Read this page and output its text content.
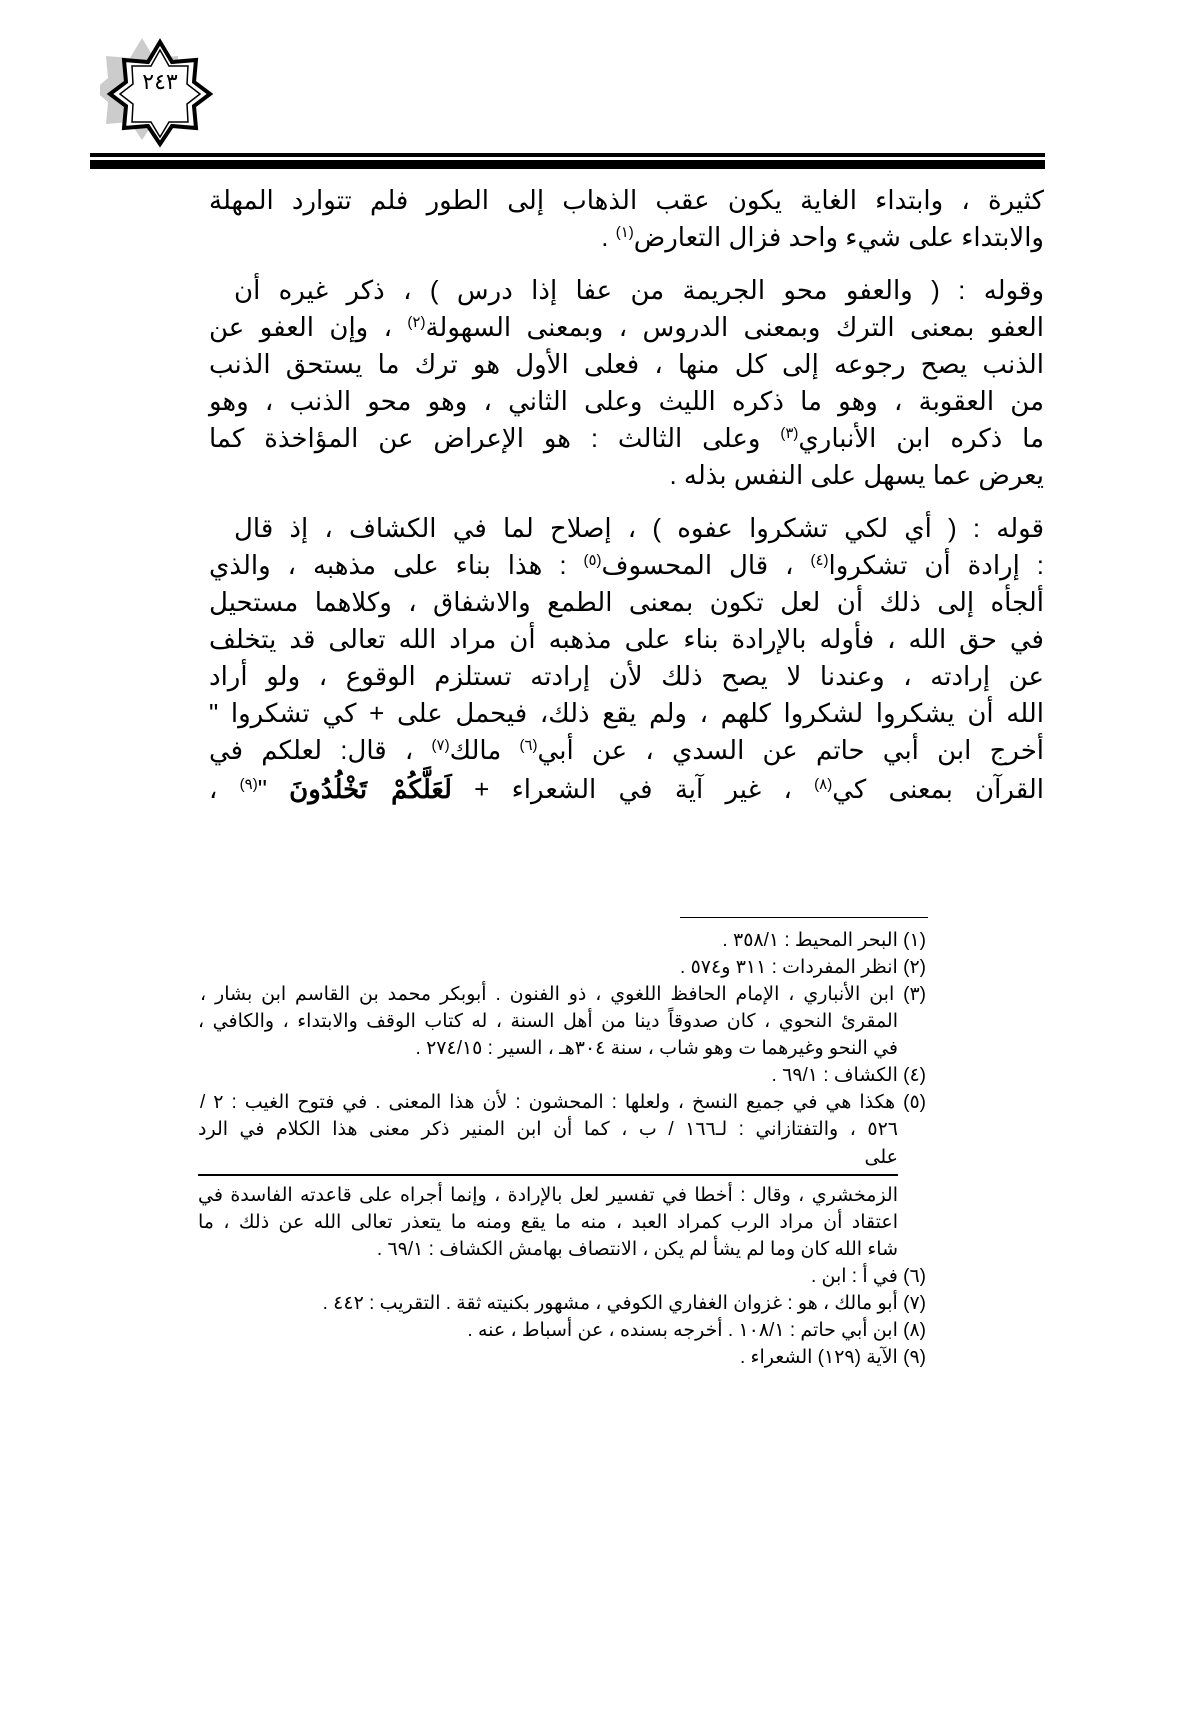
٢٤٣
كثيرة ، وابتداء الغاية يكون عقب الذهاب إلى الطور فلم تتوارد المهلة
والابتداء على شيء واحد فزال التعارض$^{(١)}$ .
وقوله : ( والعفو محو الجريمة من عفا إذا درس ) ، ذكر غيره أن
العفو بمعنى الترك وبمعنى الدروس ، وبمعنى السهولة$^{(٢)}$ ، وإن العفو عن
الذنب يصح رجوعه إلى كل منها ، فعلى الأول هو ترك ما يستحق الذنب
من العقوبة ، وهو ما ذكره الليث وعلى الثاني ، وهو محو الذنب ، وهو
ما ذكره ابن الأنباري$^{(٣)}$ وعلى الثالث : هو الإعراض عن المؤاخذة كما
يعرض عما يسهل على النفس بذله .
قوله : ( أي لكي تشكروا عفوه ) ، إصلاح لما في الكشاف ، إذ قال
: إرادة أن تشكروا$^{(٤)}$ ، قال المحسوف$^{(٥)}$ : هذا بناء على مذهبه ، والذي
ألجأه إلى ذلك أن لعل تكون بمعنى الطمع والاشفاق ، وكلاهما مستحيل
في حق الله ، فأوله بالإرادة بناء على مذهبه أن مراد الله تعالى قد يتخلف
عن إرادته ، وعندنا لا يصح ذلك لأن إرادته تستلزم الوقوع ، ولو أراد
الله أن يشكروا لشكروا كلهم ، ولم يقع ذلك، فيحمل على + كي تشكروا "
أخرج ابن أبي حاتم عن السدي ، عن أبي$^{(٦)}$ مالك$^{(٧)}$ ، قال: لعلكم في
القرآن بمعنى كي$^{(٨)}$ ، غير آية في الشعراء + لَعَلَّكُمْ تَخْلُدُونَ "$^{(٩)}$ ،
(١) البحر المحيط : ٣٥٨/١ .
(٢) انظر المفردات : ٣١١ و٥٧٤ .
(٣) ابن الأنباري ، الإمام الحافظ اللغوي ، ذو الفنون . أبوبكر محمد بن القاسم ابن بشار ،
المقرئ النحوي ، كان صدوقاً دينا من أهل السنة ، له كتاب الوقف والابتداء ، والكافي ،
في النحو وغيرهما ت وهو شاب ، سنة ٣٠٤هـ ، السير : ٢٧٤/١٥ .
(٤) الكشاف : ٦٩/١ .
(٥) هكذا هي في جميع النسخ ، ولعلها : المحشون : لأن هذا المعنى . في فتوح الغيب : ٢ /
٥٢٦ ، والتفتازاني : لـ١٦٦ / ب ، كما أن ابن المنير ذكر معنى هذا الكلام في الرد
على
الزمخشري ، وقال : أخطا في تفسير لعل بالإرادة ، وإنما أجراه على قاعدته الفاسدة في
اعتقاد أن مراد الرب كمراد العبد ، منه ما يقع ومنه ما يتعذر تعالى الله عن ذلك ، ما
شاء الله كان وما لم يشأ لم يكن ، الانتصاف بهامش الكشاف : ٦٩/١ .
(٦) في أ : ابن .
(٧) أبو مالك ، هو : غزوان الغفاري الكوفي ، مشهور بكنيته ثقة . التقريب : ٤٤٢ .
(٨) ابن أبي حاتم : ١٠٨/١ . أخرجه بسنده ، عن أسباط ، عنه .
(٩) الآية (١٢٩) الشعراء .
